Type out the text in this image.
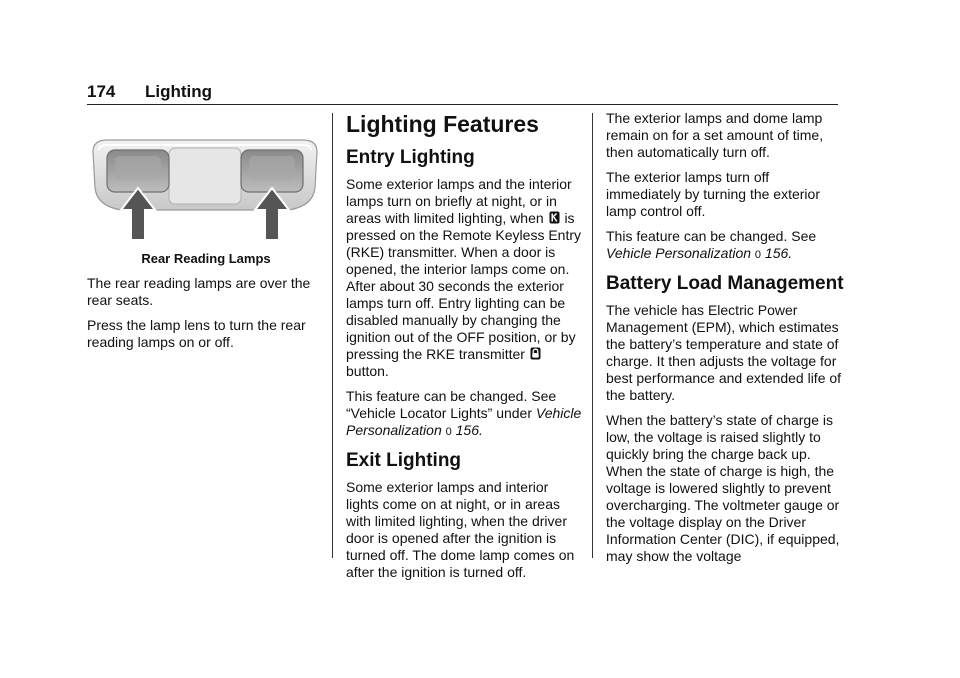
174 Lighting
Rear Reading Lamps

The rear reading lamps are over the rear seats.

Press the lamp lens to turn the rear reading lamps on or off.

Lighting Features
Entry Lighting

Some exterior lamps and the interior lamps turn on briefly at night, or in areas with limited lighting, when is pressed on the Remote Keyless Entry (RKE) transmitter. When a door is opened, the interior lamps come on. After about 30 seconds the exterior lamps turn off. Entry lighting can be disabled manually by changing the ignition out of the OFF position, or by pressing the RKE transmitter  button.

This feature can be changed. See “Vehicle Locator Lights” under Vehicle Personalization 0 156.

Exit Lighting

Some exterior lamps and interior lights come on at night, or in areas with limited lighting, when the driver door is opened after the ignition is turned off. The dome lamp comes on after the ignition is turned off.

The exterior lamps and dome lamp remain on for a set amount of time, then automatically turn off.

The exterior lamps turn off immediately by turning the exterior lamp control off.

This feature can be changed. See Vehicle Personalization 0 156.

Battery Load Management

The vehicle has Electric Power Management (EPM), which estimates the battery’s temperature and state of charge. It then adjusts the voltage for best performance and extended life of the battery.

When the battery’s state of charge is low, the voltage is raised slightly to quickly bring the charge back up. When the state of charge is high, the voltage is lowered slightly to prevent overcharging. The voltmeter gauge or the voltage display on the Driver Information Center (DIC), if equipped, may show the voltage
